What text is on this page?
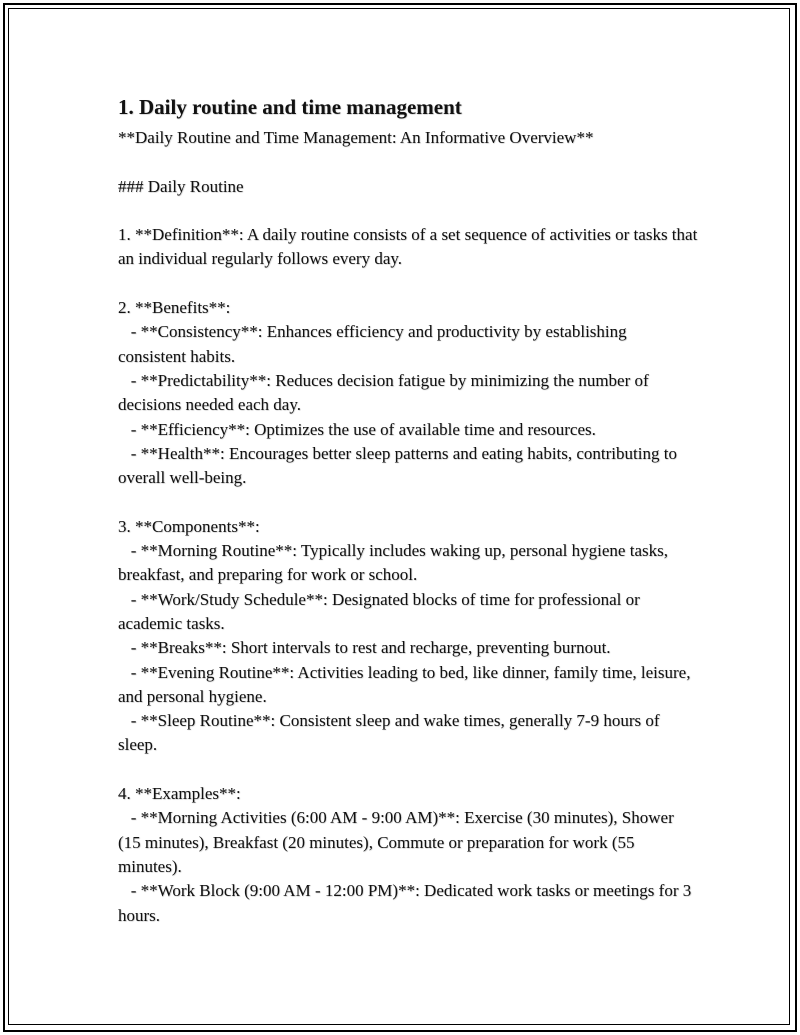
1. Daily routine and time management

**Daily Routine and Time Management: An Informative Overview**

### Daily Routine

1. **Definition**: A daily routine consists of a set sequence of activities or tasks that an individual regularly follows every day.

2. **Benefits**:

- **Consistency**: Enhances efficiency and productivity by establishing consistent habits.

- **Predictability**: Reduces decision fatigue by minimizing the number of decisions needed each day.

- **Efficiency**: Optimizes the use of available time and resources.

- **Health**: Encourages better sleep patterns and eating habits, contributing to overall well-being.

3. **Components**:

- **Morning Routine**: Typically includes waking up, personal hygiene tasks, breakfast, and preparing for work or school.

- **Work/Study Schedule**: Designated blocks of time for professional or academic tasks.

- **Breaks**: Short intervals to rest and recharge, preventing burnout.

- **Evening Routine**: Activities leading to bed, like dinner, family time, leisure, and personal hygiene.

- **Sleep Routine**: Consistent sleep and wake times, generally 7-9 hours of sleep.

4. **Examples**:

- **Morning Activities (6:00 AM - 9:00 AM)**: Exercise (30 minutes), Shower (15 minutes), Breakfast (20 minutes), Commute or preparation for work (55 minutes).

- **Work Block (9:00 AM - 12:00 PM)**: Dedicated work tasks or meetings for 3 hours.
